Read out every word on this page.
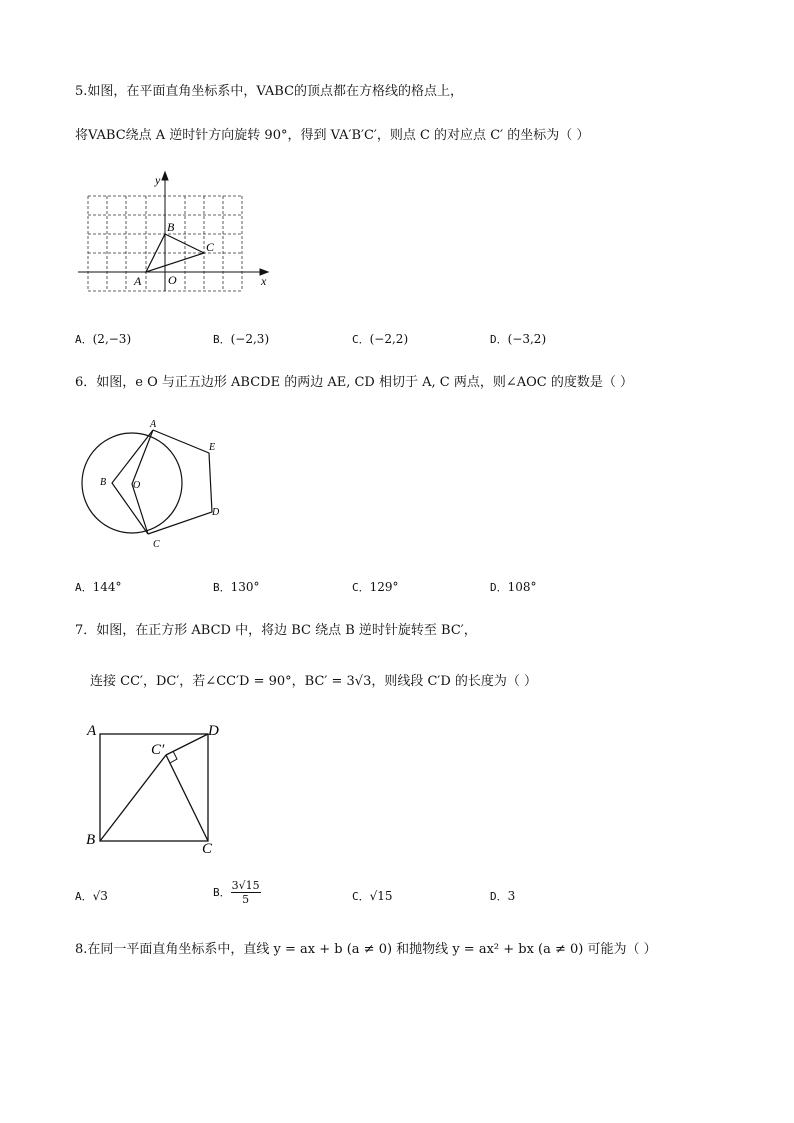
5.如图，在平面直角坐标系中，VABC的顶点都在方格线的格点上，
将VABC绕点 A 逆时针方向旋转 90°，得到 VA′B′C′，则点 C 的对应点 C′ 的坐标为（ ）
y
x
B
C
A O
A．(2,−3)	B．(−2,3)	C．(−2,2)	D．(−3,2)
6．如图，e O 与正五边形 ABCDE 的两边 AE, CD 相切于 A, C 两点，则∠AOC 的度数是（ ）
A
B
C
D
E
O
A．144°	B．130°	C．129°	D．108°
7．如图，在正方形 ABCD 中，将边 BC 绕点 B 逆时针旋转至 BC′，
连接 CC′，DC′，若∠CC′D = 90°，BC′ = 3√3，则线段 C′D 的长度为（ ）
A	D
B
C
C′
A．√3	B． $\frac{3√15}{5}$	C．√15	D．3
8.在同一平面直角坐标系中，直线 y = ax + b (a ≠ 0) 和抛物线 y = ax² + bx (a ≠ 0) 可能为（ ）
